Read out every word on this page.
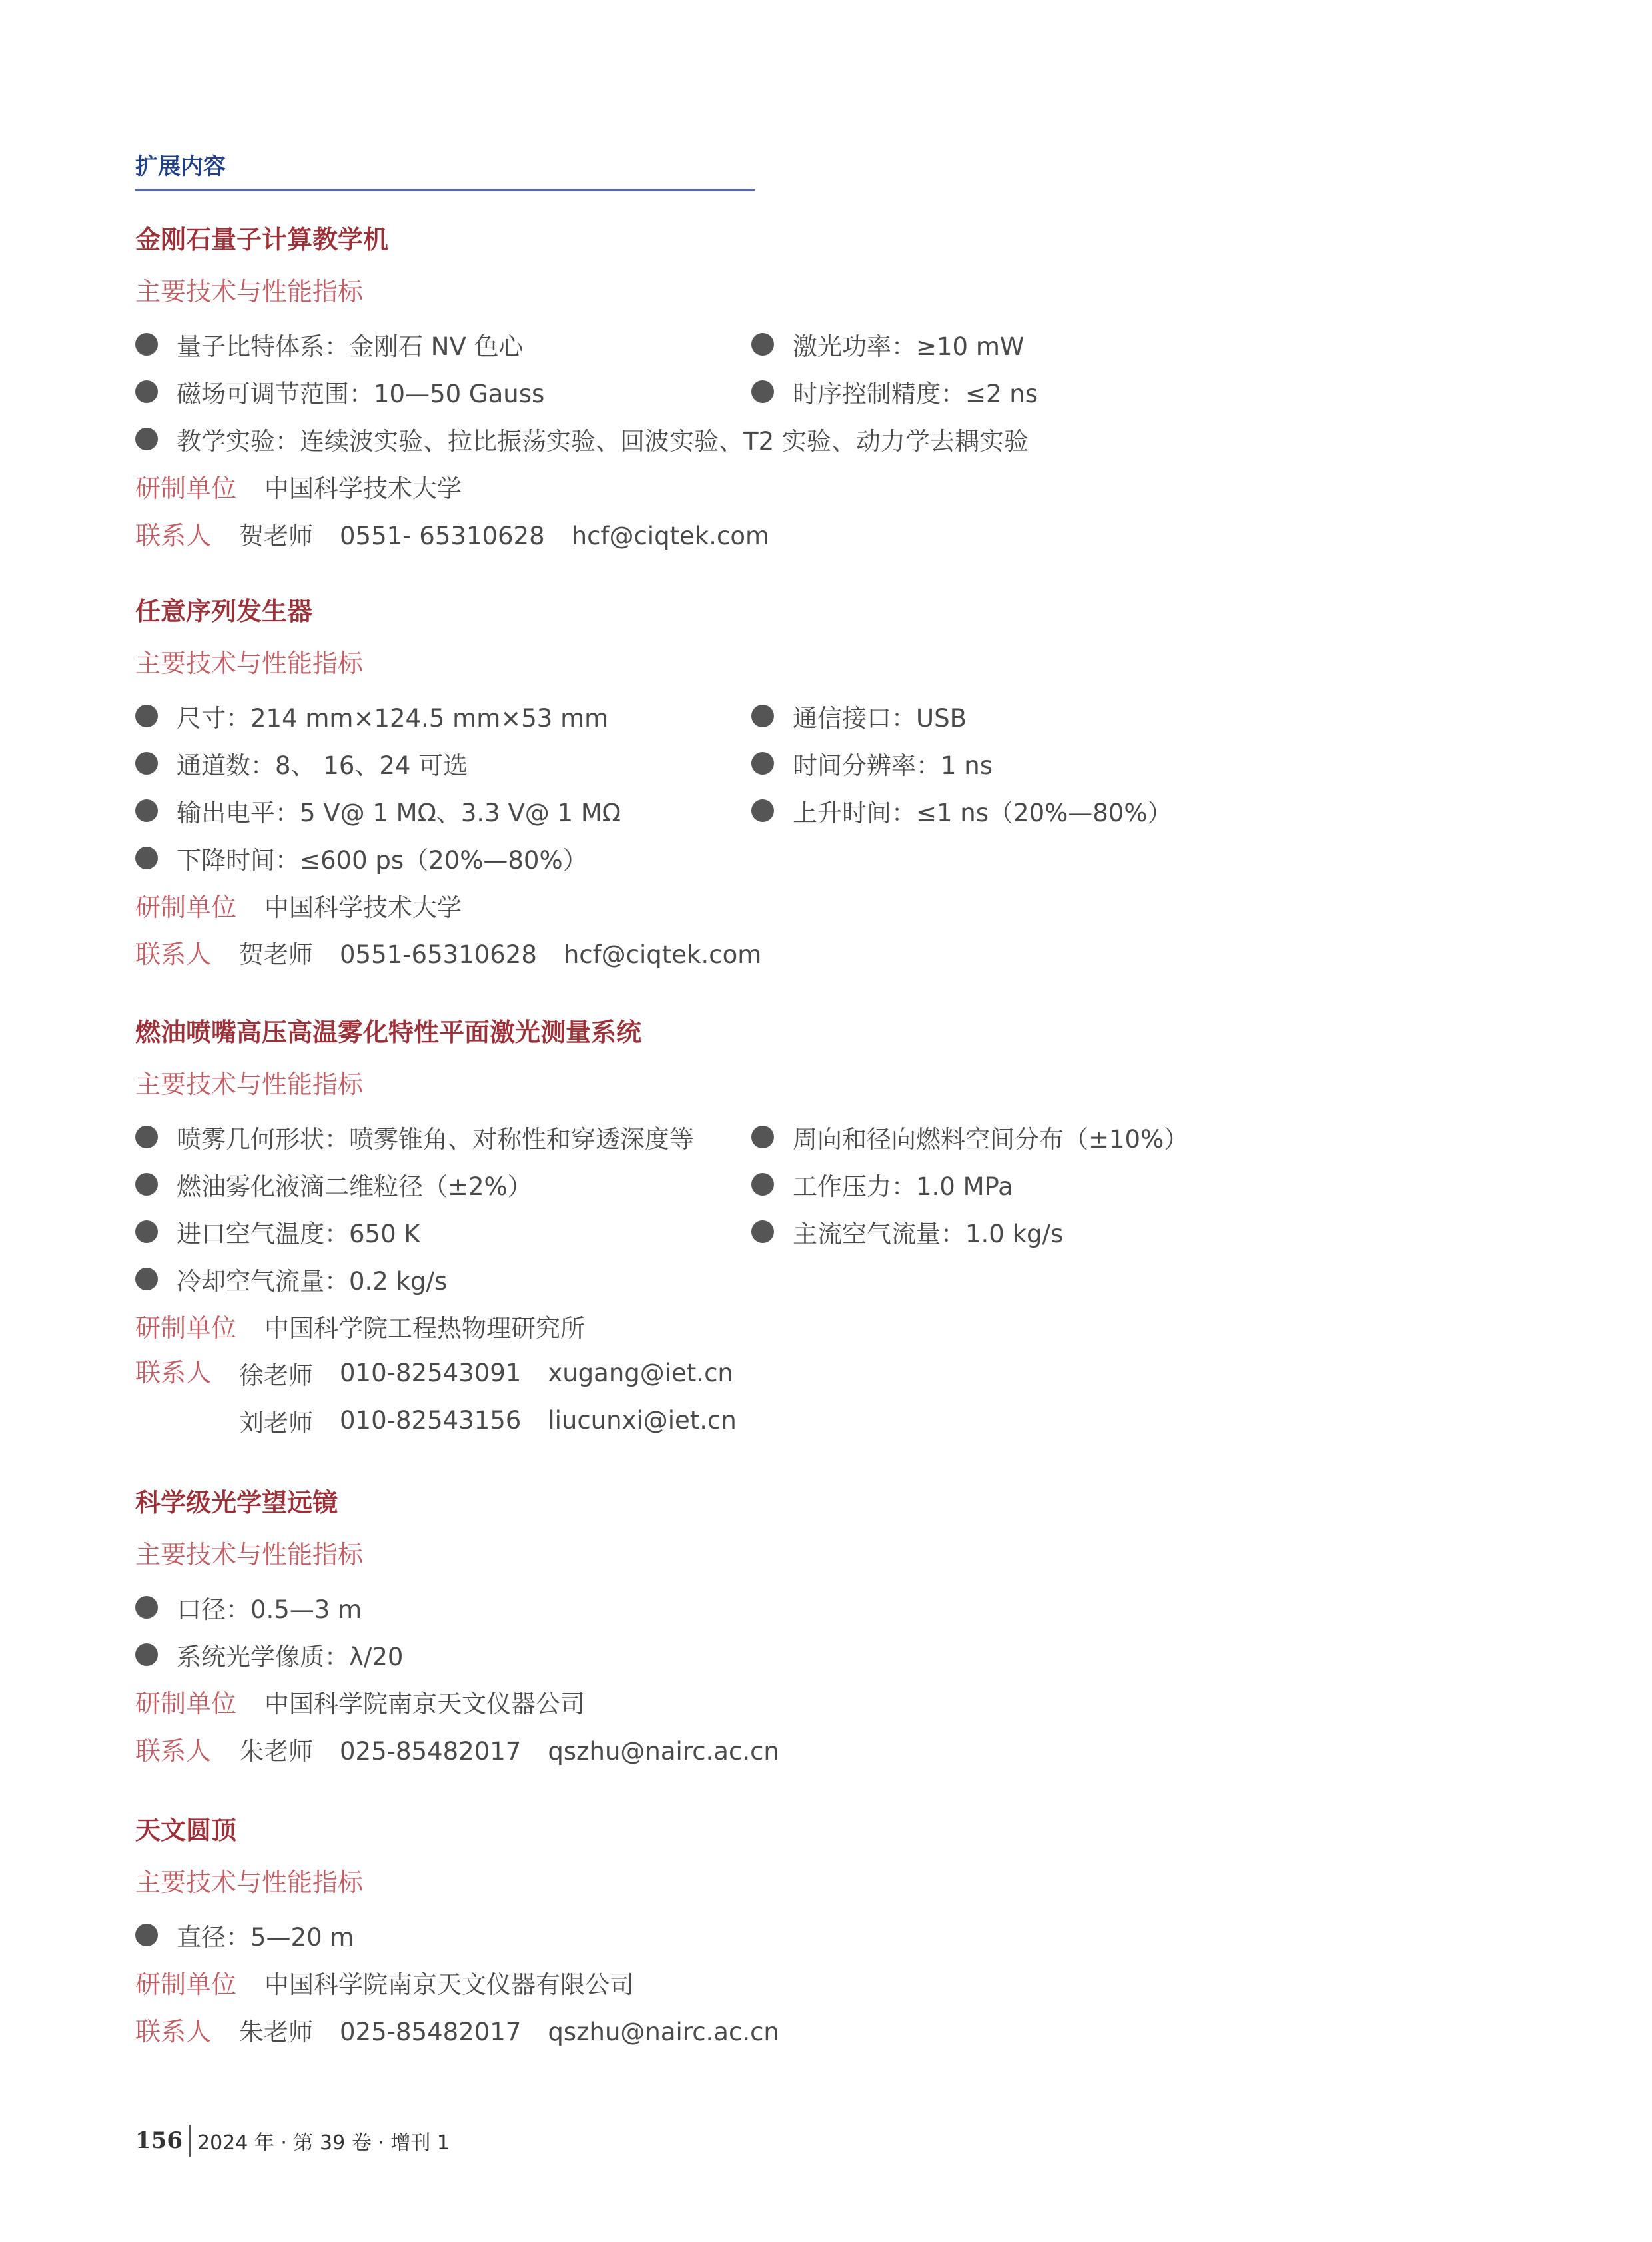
扩展内容
金刚石量子计算教学机
主要技术与性能指标
量子比特体系：金刚石 NV 色心	激光功率：≥10 mW
磁场可调节范围：10—50 Gauss	时序控制精度：≤2 ns
教学实验：连续波实验、拉比振荡实验、回波实验、T2 实验、动力学去耦实验
研制单位 中国科学技术大学
联系人 贺老师 0551- 65310628 hcf@ciqtek.com
任意序列发生器
主要技术与性能指标
尺寸：214 mm×124.5 mm×53 mm	通信接口：USB
通道数：8、 16、24 可选	时间分辨率：1 ns
输出电平：5 V@ 1 MΩ、3.3 V@ 1 MΩ	上升时间：≤1 ns（20%—80%）
下降时间：≤600 ps（20%—80%）
研制单位 中国科学技术大学
联系人 贺老师 0551-65310628 hcf@ciqtek.com
燃油喷嘴高压高温雾化特性平面激光测量系统
主要技术与性能指标
喷雾几何形状：喷雾锥角、对称性和穿透深度等	周向和径向燃料空间分布（±10%）
燃油雾化液滴二维粒径（±2%）	工作压力：1.0 MPa
进口空气温度：650 K	主流空气流量：1.0 kg/s
冷却空气流量：0.2 kg/s
研制单位 中国科学院工程热物理研究所
联系人 徐老师 010-82543091 xugang@iet.cn
刘老师 010-82543156 liucunxi@iet.cn
科学级光学望远镜
主要技术与性能指标
口径：0.5—3 m
系统光学像质：λ/20
研制单位 中国科学院南京天文仪器公司
联系人 朱老师 025-85482017 qszhu@nairc.ac.cn
天文圆顶
主要技术与性能指标
直径：5—20 m
研制单位 中国科学院南京天文仪器有限公司
联系人 朱老师 025-85482017 qszhu@nairc.ac.cn
156 2024 年 · 第 39 卷 · 增刊 1
